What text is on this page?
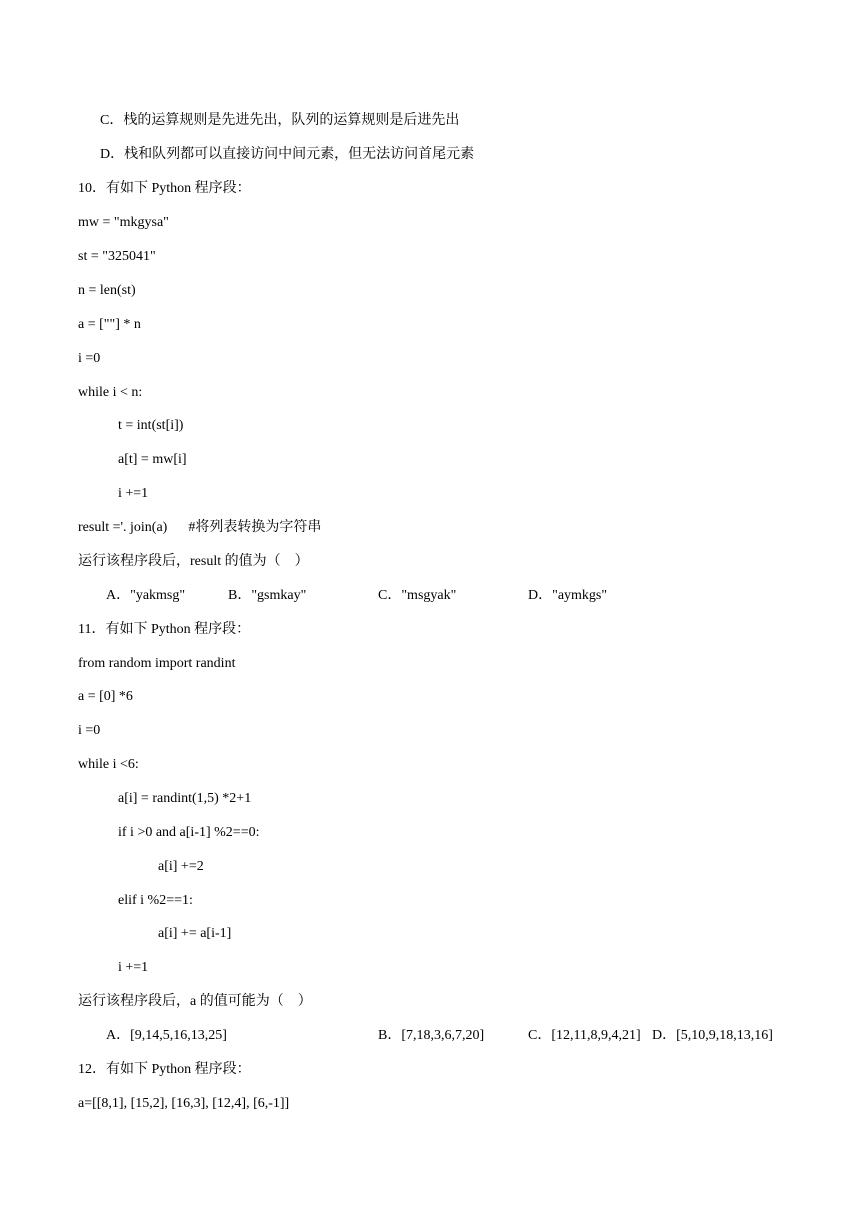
C．栈的运算规则是先进先出，队列的运算规则是后进先出
D．栈和队列都可以直接访问中间元素，但无法访问首尾元素
10．有如下 Python 程序段：
mw = "mkgysa"
st = "325041"
n = len(st)
a = [""] * n
i =0
while i < n:
t = int(st[i])
a[t] = mw[i]
i +=1
result ='. join(a)      #将列表转换为字符串
运行该程序段后，result 的值为（    ）
A．"yakmsg"	B．"gsmkay"	C．"msgyak"	D．"aymkgs"
11．有如下 Python 程序段：
from random import randint
a = [0] *6
i =0
while i <6:
a[i] = randint(1,5) *2+1
if i >0 and a[i-1] %2==0:
a[i] +=2
elif i %2==1:
a[i] += a[i-1]
i +=1
运行该程序段后，a 的值可能为（    ）
A．[9,14,5,16,13,25]	B．[7,18,3,6,7,20]	C．[12,11,8,9,4,21] D．[5,10,9,18,13,16]
12．有如下 Python 程序段：
a=[[8,1], [15,2], [16,3], [12,4], [6,-1]]
